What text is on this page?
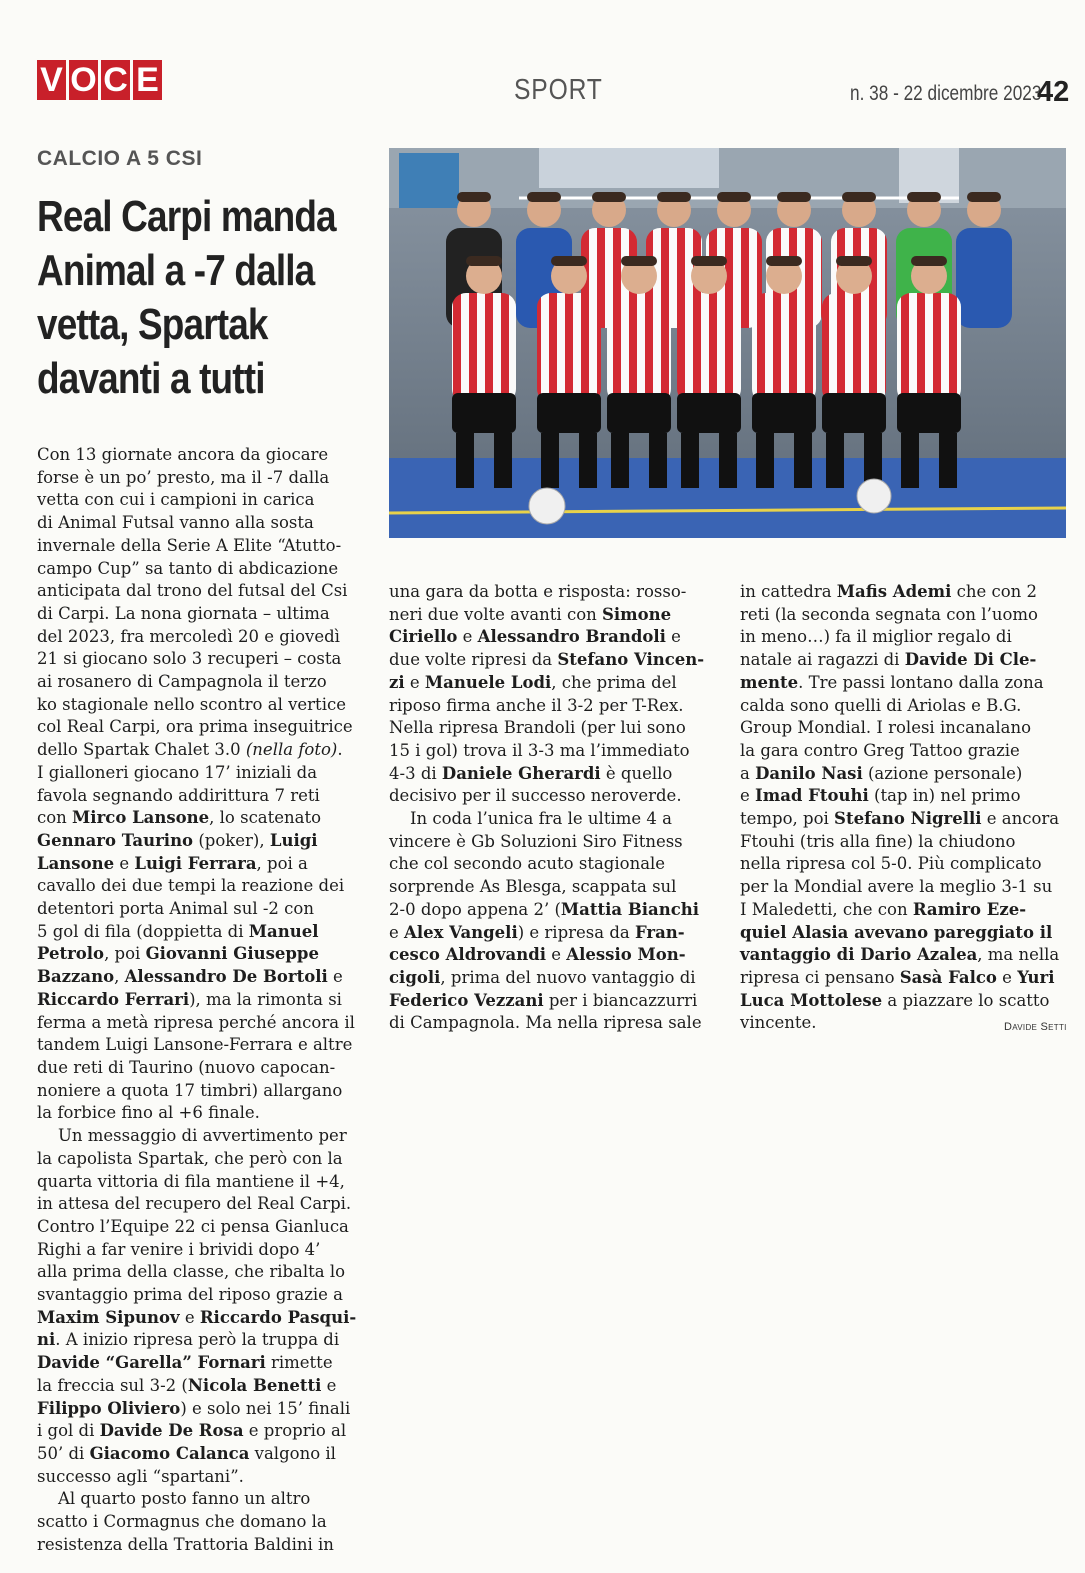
V O C E	SPORT	n. 38 - 22 dicembre 2023
42
CALCIO A 5 CSI
Real Carpi manda
Animal a -7 dalla
vetta, Spartak
davanti a tutti

Con 13 giornate ancora da giocare

forse è un po’ presto, ma il -7 dalla

vetta con cui i campioni in carica

di Animal Futsal vanno alla sosta

invernale della Serie A Elite “Atutto-

campo Cup” sa tanto di abdicazione

anticipata dal trono del futsal del Csi

di Carpi. La nona giornata – ultima

del 2023, fra mercoledì 20 e giovedì

21 si giocano solo 3 recuperi – costa

ai rosanero di Campagnola il terzo

ko stagionale nello scontro al vertice

col Real Carpi, ora prima inseguitrice

dello Spartak Chalet 3.0 (nella foto).

I gialloneri giocano 17’ iniziali da

favola segnando addirittura 7 reti

con Mirco Lansone, lo scatenato

Gennaro Taurino (poker), Luigi

Lansone e Luigi Ferrara, poi a

cavallo dei due tempi la reazione dei

detentori porta Animal sul -2 con

5 gol di fila (doppietta di Manuel

Petrolo, poi Giovanni Giuseppe

Bazzano, Alessandro De Bortoli e

Riccardo Ferrari), ma la rimonta si

ferma a metà ripresa perché ancora il

tandem Luigi Lansone-Ferrara e altre

due reti di Taurino (nuovo capocan-

noniere a quota 17 timbri) allargano

la forbice fino al +6 finale.

Un messaggio di avvertimento per

la capolista Spartak, che però con la

quarta vittoria di fila mantiene il +4,

in attesa del recupero del Real Carpi.

Contro l’Equipe 22 ci pensa Gianluca

Righi a far venire i brividi dopo 4’

alla prima della classe, che ribalta lo

svantaggio prima del riposo grazie a

Maxim Sipunov e Riccardo Pasqui-

ni. A inizio ripresa però la truppa di

Davide “Garella” Fornari rimette

la freccia sul 3-2 (Nicola Benetti e

Filippo Oliviero) e solo nei 15’ finali

i gol di Davide De Rosa e proprio al

50’ di Giacomo Calanca valgono il

successo agli “spartani”.

Al quarto posto fanno un altro

scatto i Cormagnus che domano la

resistenza della Trattoria Baldini in

una gara da botta e risposta: rosso-

neri due volte avanti con Simone

Ciriello e Alessandro Brandoli e

due volte ripresi da Stefano Vincen-

zi e Manuele Lodi, che prima del

riposo firma anche il 3-2 per T-Rex.

Nella ripresa Brandoli (per lui sono

15 i gol) trova il 3-3 ma l’immediato

4-3 di Daniele Gherardi è quello

decisivo per il successo neroverde.

In coda l’unica fra le ultime 4 a

vincere è Gb Soluzioni Siro Fitness

che col secondo acuto stagionale

sorprende As Blesga, scappata sul

2-0 dopo appena 2’ (Mattia Bianchi

e Alex Vangeli) e ripresa da Fran-

cesco Aldrovandi e Alessio Mon-

cigoli, prima del nuovo vantaggio di

Federico Vezzani per i biancazzurri

di Campagnola. Ma nella ripresa sale

in cattedra Mafis Ademi che con 2

reti (la seconda segnata con l’uomo

in meno…) fa il miglior regalo di

natale ai ragazzi di Davide Di Cle-

mente. Tre passi lontano dalla zona

calda sono quelli di Ariolas e B.G.

Group Mondial. I rolesi incanalano

la gara contro Greg Tattoo grazie

a Danilo Nasi (azione personale)

e Imad Ftouhi (tap in) nel primo

tempo, poi Stefano Nigrelli e ancora

Ftouhi (tris alla fine) la chiudono

nella ripresa col 5-0. Più complicato

per la Mondial avere la meglio 3-1 su

I Maledetti, che con Ramiro Eze-

quiel Alasia avevano pareggiato il

vantaggio di Dario Azalea, ma nella

ripresa ci pensano Sasà Falco e Yuri

Luca Mottolese a piazzare lo scatto

vincente.	Davide Setti
